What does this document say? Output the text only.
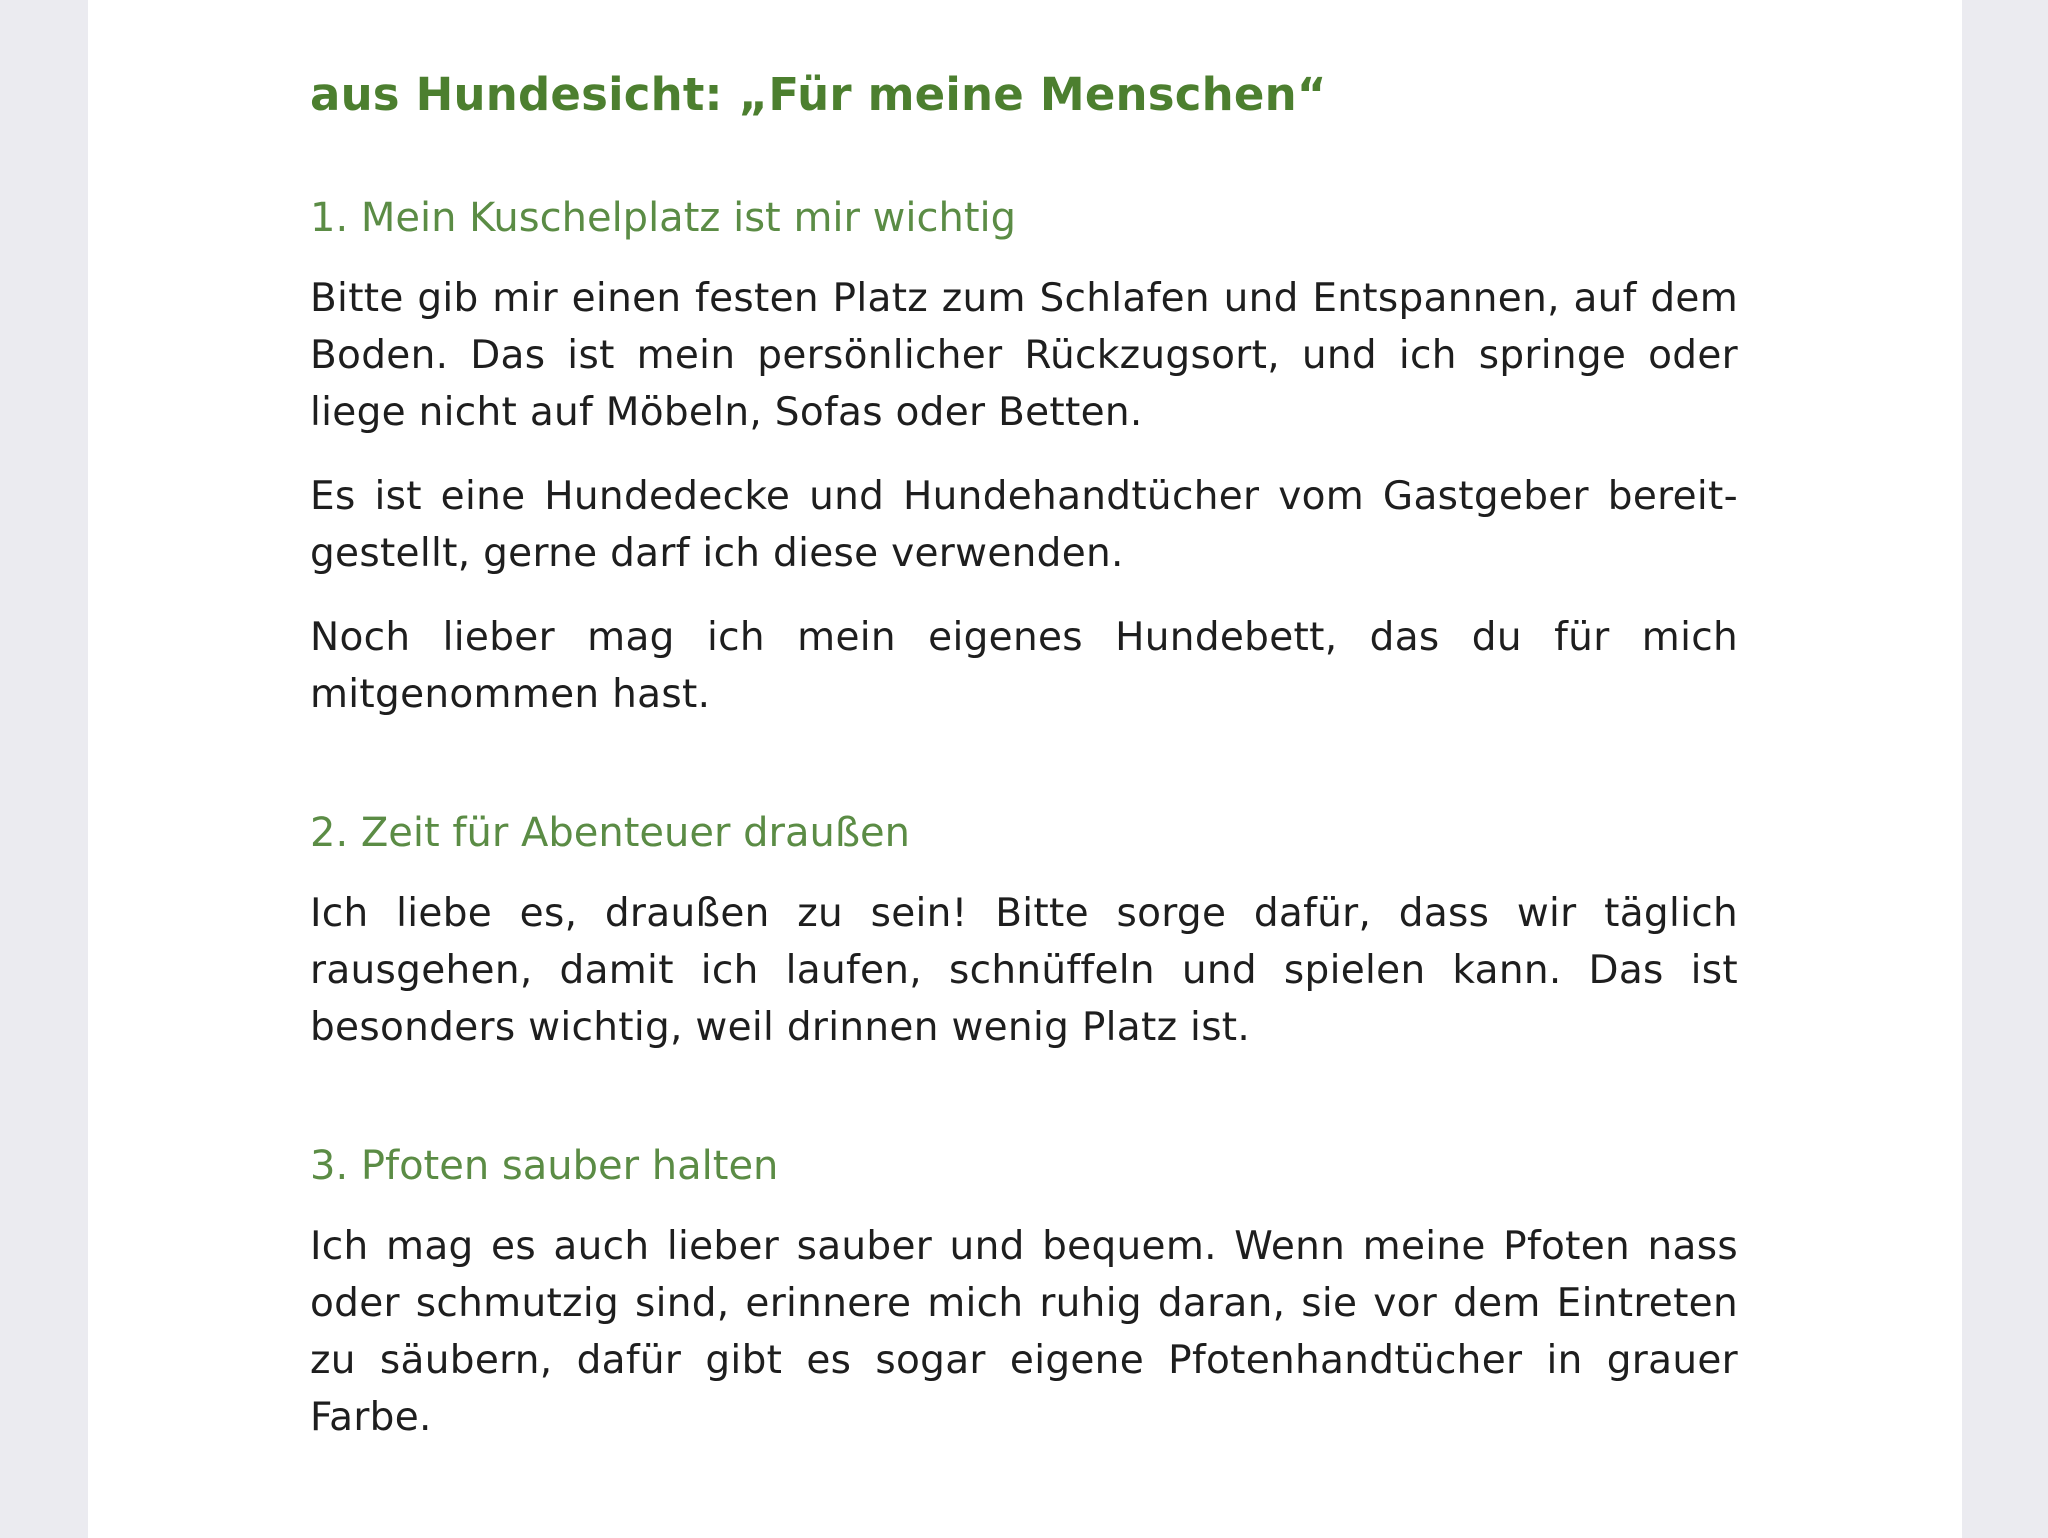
aus Hundesicht: „Für meine Menschen“
1. Mein Kuschelplatz ist mir wichtig

Bitte gib mir einen festen Platz zum Schlafen und Entspannen, auf dem Boden. Das ist mein persönlicher Rückzugsort, und ich springe oder liege nicht auf Möbeln, Sofas oder Betten.

Es ist eine Hundedecke und Hundehandtücher vom Gastgeber bereit-gestellt, gerne darf ich diese verwenden.

Noch lieber mag ich mein eigenes Hundebett, das du für mich mitgenommen hast.

2. Zeit für Abenteuer draußen

Ich liebe es, draußen zu sein! Bitte sorge dafür, dass wir täglich rausgehen, damit ich laufen, schnüffeln und spielen kann. Das ist besonders wichtig, weil drinnen wenig Platz ist.

3. Pfoten sauber halten

Ich mag es auch lieber sauber und bequem. Wenn meine Pfoten nass oder schmutzig sind, erinnere mich ruhig daran, sie vor dem Eintreten zu säubern, dafür gibt es sogar eigene Pfotenhandtücher in grauer Farbe.
